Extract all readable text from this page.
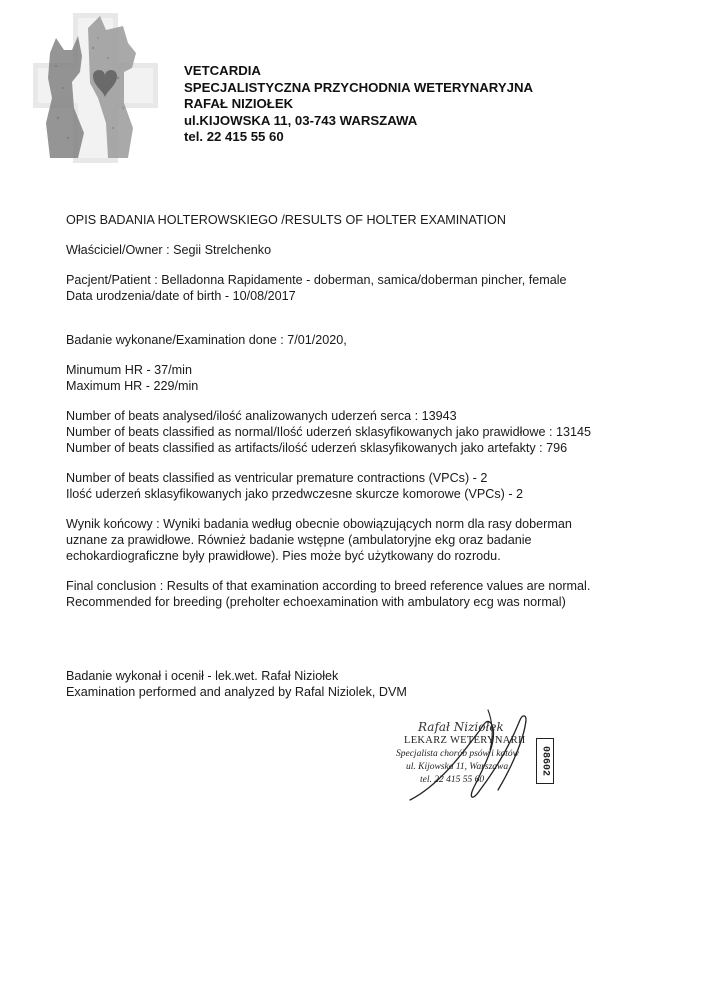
VETCARDIA
SPECJALISTYCZNA PRZYCHODNIA WETERYNARYJNA
RAFAŁ NIZIOŁEK
ul.KIJOWSKA 11, 03-743 WARSZAWA
tel. 22 415 55 60
OPIS BADANIA HOLTEROWSKIEGO /RESULTS OF HOLTER EXAMINATION
Właściciel/Owner : Segii Strelchenko
Pacjent/Patient : Belladonna Rapidamente - doberman, samica/doberman pincher, female
Data urodzenia/date of birth - 10/08/2017
Badanie wykonane/Examination done : 7/01/2020,
Minumum HR - 37/min
Maximum HR - 229/min
Number of beats analysed/ilość analizowanych uderzeń serca : 13943
Number of beats classified as normal/Ilość uderzeń sklasyfikowanych jako prawidłowe : 13145
Number of beats classified as artifacts/ilość uderzeń sklasyfikowanych jako artefakty : 796
Number of beats classified as ventricular premature contractions (VPCs) - 2
Ilość uderzeń sklasyfikowanych jako przedwczesne skurcze komorowe (VPCs) - 2
Wynik końcowy : Wyniki badania według obecnie obowiązujących norm dla rasy doberman
uznane za prawidłowe. Również badanie wstępne (ambulatoryjne ekg oraz badanie
echokardiograficzne były prawidłowe). Pies może być użytkowany do rozrodu.
Final conclusion : Results of that examination according to breed reference values are normal.
Recommended for breeding (preholter echoexamination with ambulatory ecg was normal)
Badanie wykonał i ocenił - lek.wet. Rafał Niziołek
Examination performed and analyzed by Rafal Niziolek, DVM
Rafał Niziołek
LEKARZ WETERYNARII
Specjalista chorób psów i kotów
ul. Kijowska 11, Warszawa
tel. 22 415 55 60
08602
